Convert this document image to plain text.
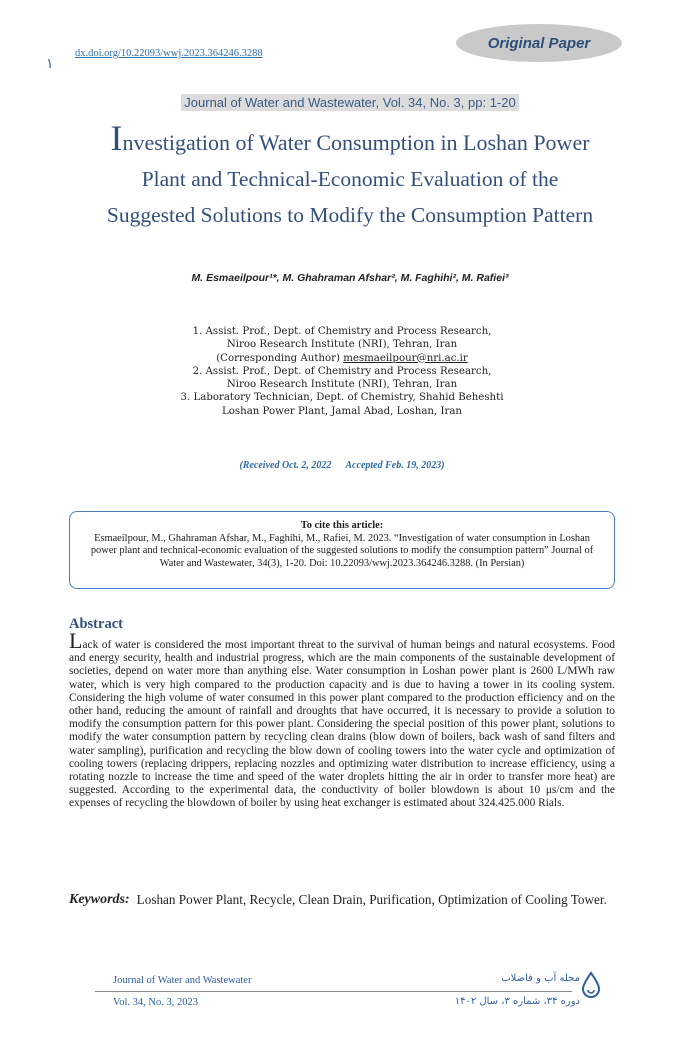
۱
dx.doi.org/10.22093/wwj.2023.364246.3288
Original Paper
Journal of Water and Wastewater, Vol. 34, No. 3, pp: 1-20
Investigation of Water Consumption in Loshan Power
Plant and Technical-Economic Evaluation of the
Suggested Solutions to Modify the Consumption Pattern
M. Esmaeilpour¹*, M. Ghahraman Afshar², M. Faghihi², M. Rafiei³
1. Assist. Prof., Dept. of Chemistry and Process Research,
Niroo Research Institute (NRI), Tehran, Iran
(Corresponding Author) mesmaeilpour@nri.ac.ir
2. Assist. Prof., Dept. of Chemistry and Process Research,
Niroo Research Institute (NRI), Tehran, Iran
3. Laboratory Technician, Dept. of Chemistry, Shahid Beheshti
Loshan Power Plant, Jamal Abad, Loshan, Iran
(Received Oct. 2, 2022 Accepted Feb. 19, 2023)
To cite this article:
Esmaeilpour, M., Ghahraman Afshar, M., Faghihi, M., Rafiei, M. 2023. “Investigation of water consumption in Loshan power plant and technical-economic evaluation of the suggested solutions to modify the consumption pattern” Journal of Water and Wastewater, 34(3), 1-20. Doi: 10.22093/wwj.2023.364246.3288. (In Persian)
Abstract
Lack of water is considered the most important threat to the survival of human beings and natural ecosystems. Food and energy security, health and industrial progress, which are the main components of the sustainable development of societies, depend on water more than anything else. Water consumption in Loshan power plant is 2600 L/MWh raw water, which is very high compared to the production capacity and is due to having a tower in its cooling system. Considering the high volume of water consumed in this power plant compared to the production efficiency and on the other hand, reducing the amount of rainfall and droughts that have occurred, it is necessary to provide a solution to modify the consumption pattern for this power plant. Considering the special position of this power plant, solutions to modify the water consumption pattern by recycling clean drains (blow down of boilers, back wash of sand filters and water sampling), purification and recycling the blow down of cooling towers into the water cycle and optimization of cooling towers (replacing drippers, replacing nozzles and optimizing water distribution to increase efficiency, using a rotating nozzle to increase the time and speed of the water droplets hitting the air in order to transfer more heat) are suggested. According to the experimental data, the conductivity of boiler blowdown is about 10 μs/cm and the expenses of recycling the blowdown of boiler by using heat exchanger is estimated about 324.425.000 Rials.
Keywords: Loshan Power Plant, Recycle, Clean Drain, Purification, Optimization of Cooling Tower.
Journal of Water and Wastewater	مجله آب و فاضلاب
Vol. 34, No. 3, 2023	دوره ۳۴، شماره ۳، سال ۱۴۰۲
